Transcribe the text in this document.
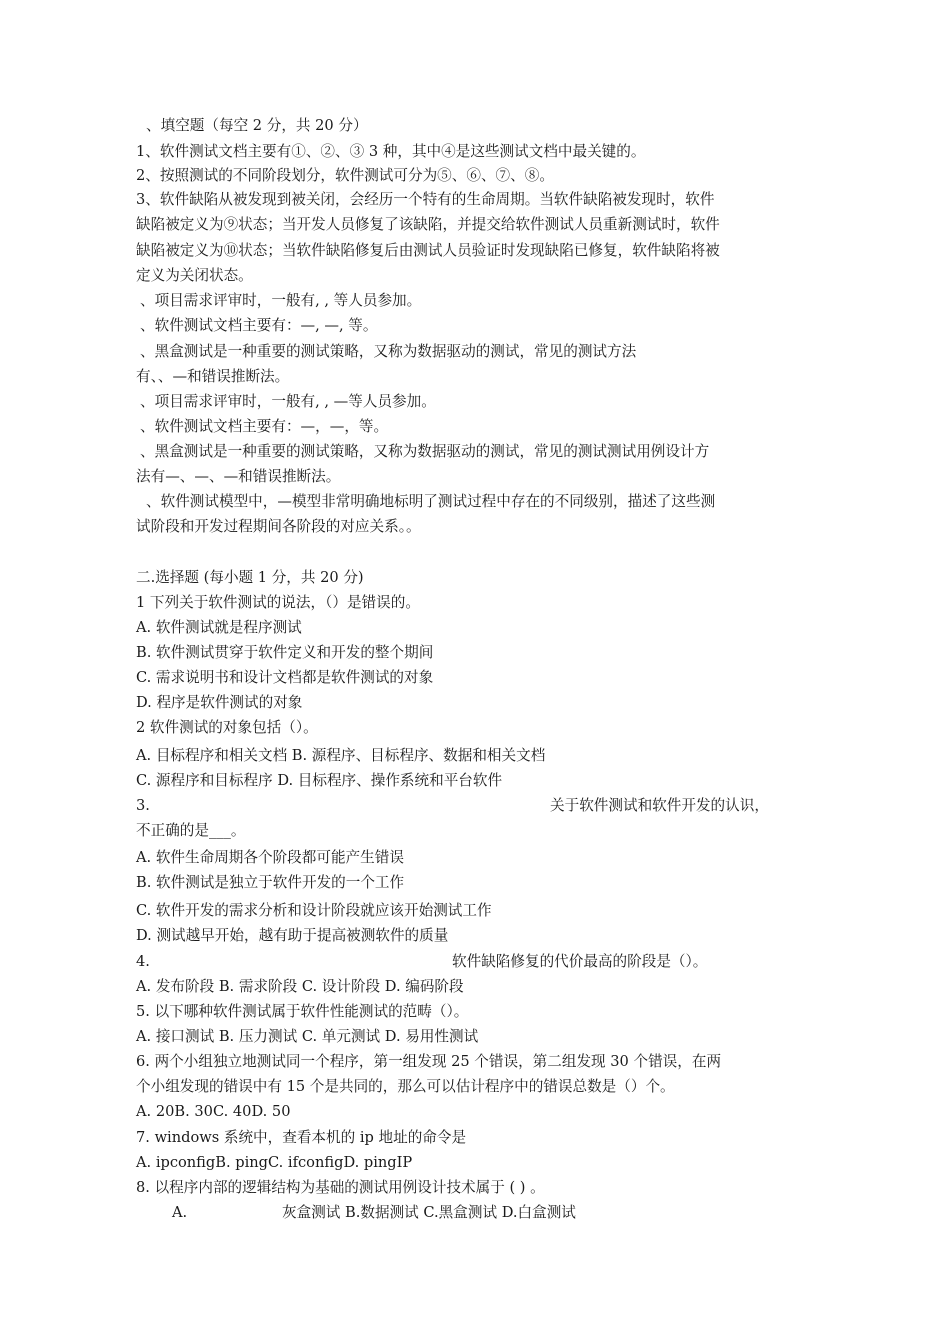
、填空题（每空 2 分，共 20 分）
1、软件测试文档主要有①、②、③ 3 种，其中④是这些测试文档中最关键的。
2、按照测试的不同阶段划分，软件测试可分为⑤、⑥、⑦、⑧。
3、软件缺陷从被发现到被关闭，会经历一个特有的生命周期。当软件缺陷被发现时，软件
缺陷被定义为⑨状态；当开发人员修复了该缺陷，并提交给软件测试人员重新测试时，软件
缺陷被定义为⑩状态；当软件缺陷修复后由测试人员验证时发现缺陷已修复，软件缺陷将被
定义为关闭状态。
、项目需求评审时，一般有, , 等人员参加。
、软件测试文档主要有：—, —, 等。
、黑盒测试是一种重要的测试策略，又称为数据驱动的测试，常见的测试方法
有、、—和错误推断法。
、项目需求评审时，一般有, , —等人员参加。
、软件测试文档主要有：—，—，等。
、黑盒测试是一种重要的测试策略，又称为数据驱动的测试，常见的测试测试用例设计方
法有—、—、—和错误推断法。
、软件测试模型中，—模型非常明确地标明了测试过程中存在的不同级别，描述了这些测
试阶段和开发过程期间各阶段的对应关系。。
二.选择题 (每小题 1 分，共 20 分)
1 下列关于软件测试的说法，（）是错误的。
A. 软件测试就是程序测试
B. 软件测试贯穿于软件定义和开发的整个期间
C. 需求说明书和设计文档都是软件测试的对象
D. 程序是软件测试的对象
2 软件测试的对象包括（）。
A. 目标程序和相关文档 B. 源程序、目标程序、数据和相关文档
C. 源程序和目标程序 D. 目标程序、操作系统和平台软件
3.	关于软件测试和软件开发的认识，
不正确的是___。
A. 软件生命周期各个阶段都可能产生错误
B. 软件测试是独立于软件开发的一个工作
C. 软件开发的需求分析和设计阶段就应该开始测试工作
D. 测试越早开始，越有助于提高被测软件的质量
4.	软件缺陷修复的代价最高的阶段是（）。
A. 发布阶段 B. 需求阶段 C. 设计阶段 D. 编码阶段
5. 以下哪种软件测试属于软件性能测试的范畴（）。
A. 接口测试 B. 压力测试 C. 单元测试 D. 易用性测试
6. 两个小组独立地测试同一个程序，第一组发现 25 个错误，第二组发现 30 个错误，在两
个小组发现的错误中有 15 个是共同的，那么可以估计程序中的错误总数是（）个。
A. 20B. 30C. 40D. 50
7. windows 系统中，查看本机的 ip 地址的命令是
A. ipconfigB. pingC. ifconfigD. pingIP
8. 以程序内部的逻辑结构为基础的测试用例设计技术属于 ( ) 。
A.	灰盒测试 B.数据测试 C.黑盒测试 D.白盒测试
